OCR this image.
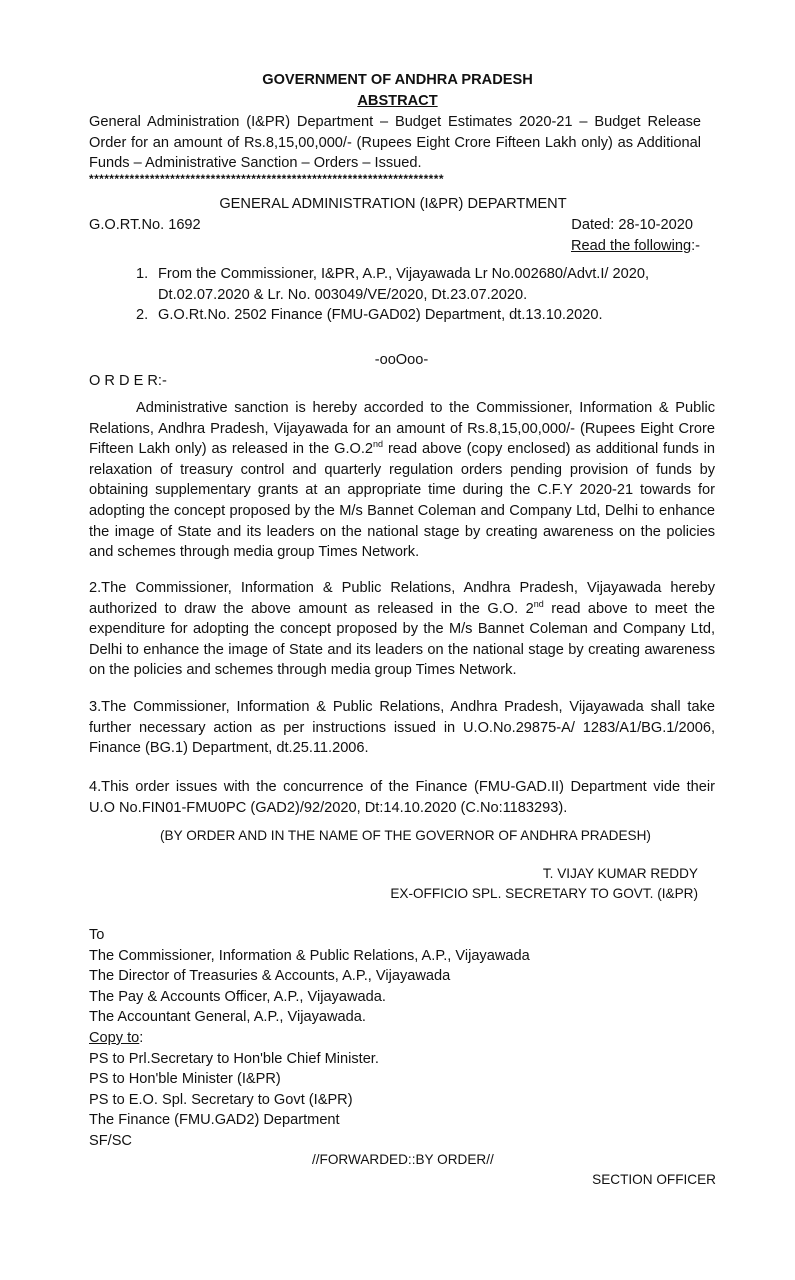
GOVERNMENT OF ANDHRA PRADESH
ABSTRACT
General Administration (I&PR) Department – Budget Estimates 2020-21 – Budget Release Order for an amount of Rs.8,15,00,000/- (Rupees Eight Crore Fifteen Lakh only) as Additional Funds – Administrative Sanction – Orders – Issued.
**********************************************************************
GENERAL ADMINISTRATION (I&PR) DEPARTMENT
G.O.RT.No. 1692	Dated: 28-10-2020
Read the following:-
1. From the Commissioner, I&PR, A.P., Vijayawada Lr No.002680/Advt.I/ 2020, Dt.02.07.2020 & Lr. No. 003049/VE/2020, Dt.23.07.2020.
2. G.O.Rt.No. 2502 Finance (FMU-GAD02) Department, dt.13.10.2020.
-ooOoo-
O R D E R:-
Administrative sanction is hereby accorded to the Commissioner, Information & Public Relations, Andhra Pradesh, Vijayawada for an amount of Rs.8,15,00,000/- (Rupees Eight Crore Fifteen Lakh only) as released in the G.O.2nd read above (copy enclosed) as additional funds in relaxation of treasury control and quarterly regulation orders pending provision of funds by obtaining supplementary grants at an appropriate time during the C.F.Y 2020-21 towards for adopting the concept proposed by the M/s Bannet Coleman and Company Ltd, Delhi to enhance the image of State and its leaders on the national stage by creating awareness on the policies and schemes through media group Times Network.
2.The Commissioner, Information & Public Relations, Andhra Pradesh, Vijayawada hereby authorized to draw the above amount as released in the G.O. 2nd read above to meet the expenditure for adopting the concept proposed by the M/s Bannet Coleman and Company Ltd, Delhi to enhance the image of State and its leaders on the national stage by creating awareness on the policies and schemes through media group Times Network.
3.The Commissioner, Information & Public Relations, Andhra Pradesh, Vijayawada shall take further necessary action as per instructions issued in U.O.No.29875-A/ 1283/A1/BG.1/2006, Finance (BG.1) Department, dt.25.11.2006.
4.This order issues with the concurrence of the Finance (FMU-GAD.II) Department vide their U.O No.FIN01-FMU0PC (GAD2)/92/2020, Dt:14.10.2020 (C.No:1183293).
(BY ORDER AND IN THE NAME OF THE GOVERNOR OF ANDHRA PRADESH)
T. VIJAY KUMAR REDDY
EX-OFFICIO SPL. SECRETARY TO GOVT. (I&PR)
To
The Commissioner, Information & Public Relations, A.P., Vijayawada
The Director of Treasuries & Accounts, A.P., Vijayawada
The Pay & Accounts Officer, A.P., Vijayawada.
The Accountant General, A.P., Vijayawada.
Copy to:
PS to Prl.Secretary to Hon'ble Chief Minister.
PS to Hon'ble Minister (I&PR)
PS to E.O. Spl. Secretary to Govt (I&PR)
The Finance (FMU.GAD2) Department
SF/SC
//FORWARDED::BY ORDER//
SECTION OFFICER
